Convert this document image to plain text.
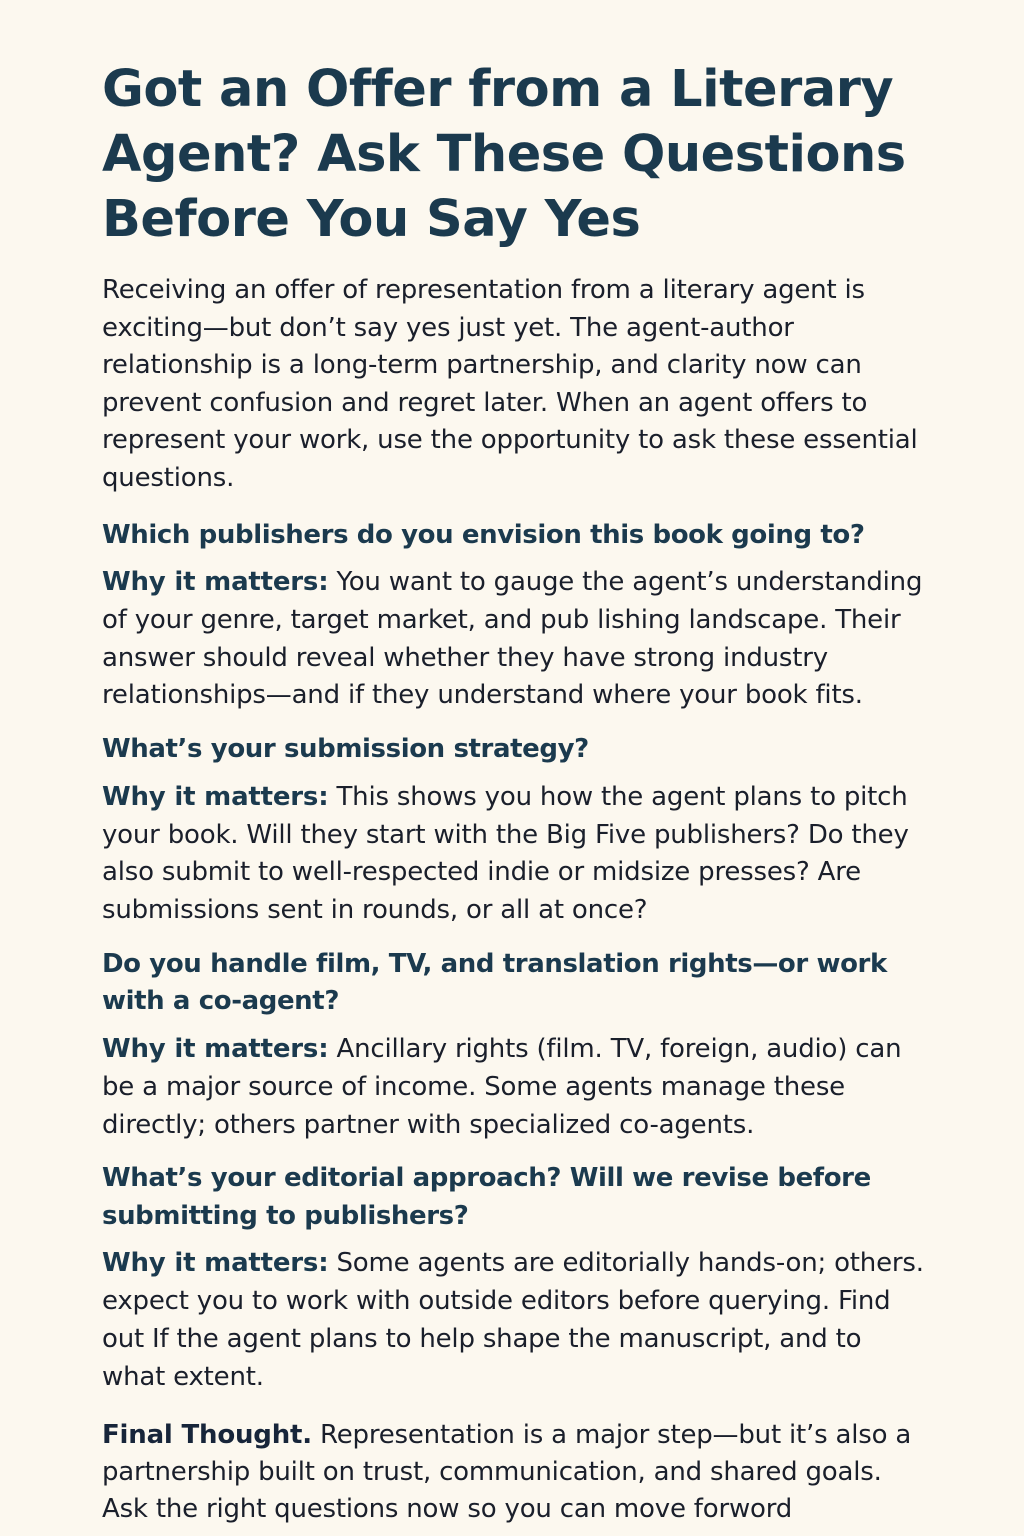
Got an Offer from a Literary Agent? Ask These Questions Before You Say Yes

Receiving an offer of representation from a literary agent is exciting—but don’t say yes just yet. The agent-author relationship is a long-term partnership, and clarity now can prevent confusion and regret later. When an agent offers to represent your work, use the opportunity to ask these essential questions.

Which publishers do you envision this book going to?

Why it matters: You want to gauge the agent’s understanding of your genre, target market, and pub lishing landscape. Their answer should reveal whether they have strong industry relationships—and if they understand where your book fits.

What’s your submission strategy?

Why it matters: This shows you how the agent plans to pitch your book. Will they start with the Big Five publishers? Do they also submit to well-respected indie or midsize presses? Are submissions sent in rounds, or all at once?

Do you handle film, TV, and translation rights—or work with a co-agent?

Why it matters: Ancillary rights (film. TV, foreign, audio) can be a major source of income. Some agents manage these directly; others partner with specialized co-agents.

What’s your editorial approach? Will we revise before submitting to publishers?

Why it matters: Some agents are editorially hands-on; others. expect you to work with outside editors before querying. Find out If the agent plans to help shape the manuscript, and to what extent.

Final Thought. Representation is a major step—but it’s also a partnership built on trust, communication, and shared goals. Ask the right questions now so you can move forword
